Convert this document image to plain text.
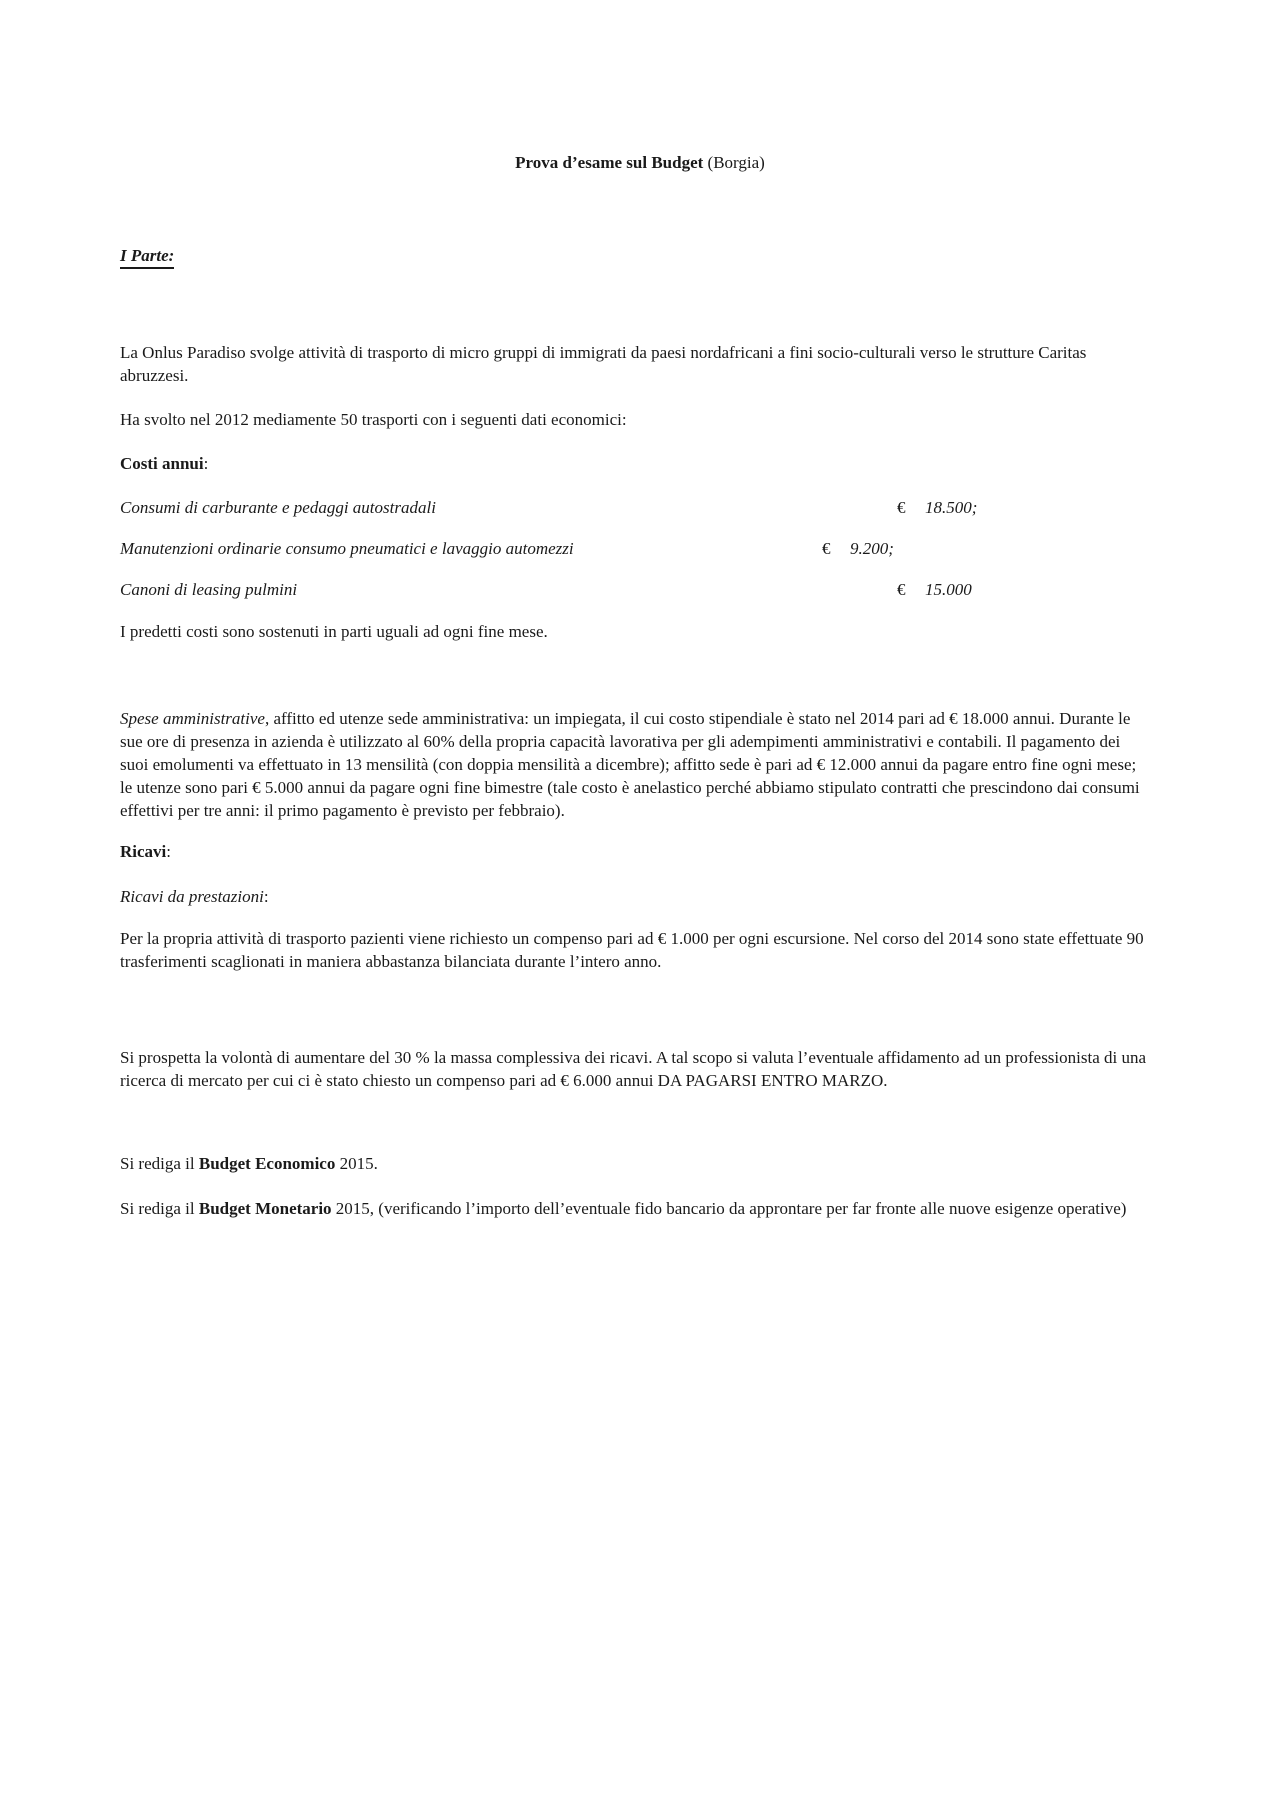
Prova d’esame sul Budget (Borgia)
I Parte:
La Onlus Paradiso svolge attività di trasporto di micro gruppi di immigrati da paesi nordafricani a fini socio-culturali verso le strutture Caritas
abruzzesi.
Ha svolto nel 2012 mediamente 50 trasporti con i seguenti dati economici:
Costi annui:
Consumi di carburante e pedaggi autostradali	€ 18.500;
Manutenzioni ordinarie consumo pneumatici e lavaggio automezzi	€ 9.200;
Canoni di leasing pulmini	€ 15.000
I predetti costi sono sostenuti in parti uguali ad ogni fine mese.
Spese amministrative, affitto ed utenze sede amministrativa: un impiegata, il cui costo stipendiale è stato nel 2014 pari ad € 18.000 annui. Durante le
sue ore di presenza in azienda è utilizzato al 60% della propria capacità lavorativa per gli adempimenti amministrativi e contabili. Il pagamento dei
suoi emolumenti va effettuato in 13 mensilità (con doppia mensilità a dicembre); affitto sede è pari ad € 12.000 annui da pagare entro fine ogni mese;
le utenze sono pari € 5.000 annui da pagare ogni fine bimestre (tale costo è anelastico perché abbiamo stipulato contratti che prescindono dai consumi
effettivi per tre anni: il primo pagamento è previsto per febbraio).
Ricavi:
Ricavi da prestazioni:
Per la propria attività di trasporto pazienti viene richiesto un compenso pari ad € 1.000 per ogni escursione. Nel corso del 2014 sono state effettuate 90
trasferimenti scaglionati in maniera abbastanza bilanciata durante l’intero anno.
Si prospetta la volontà di aumentare del 30 % la massa complessiva dei ricavi. A tal scopo si valuta l’eventuale affidamento ad un professionista di una
ricerca di mercato per cui ci è stato chiesto un compenso pari ad € 6.000 annui DA PAGARSI ENTRO MARZO.
Si rediga il Budget Economico 2015.
Si rediga il Budget Monetario 2015, (verificando l’importo dell’eventuale fido bancario da approntare per far fronte alle nuove esigenze operative)
